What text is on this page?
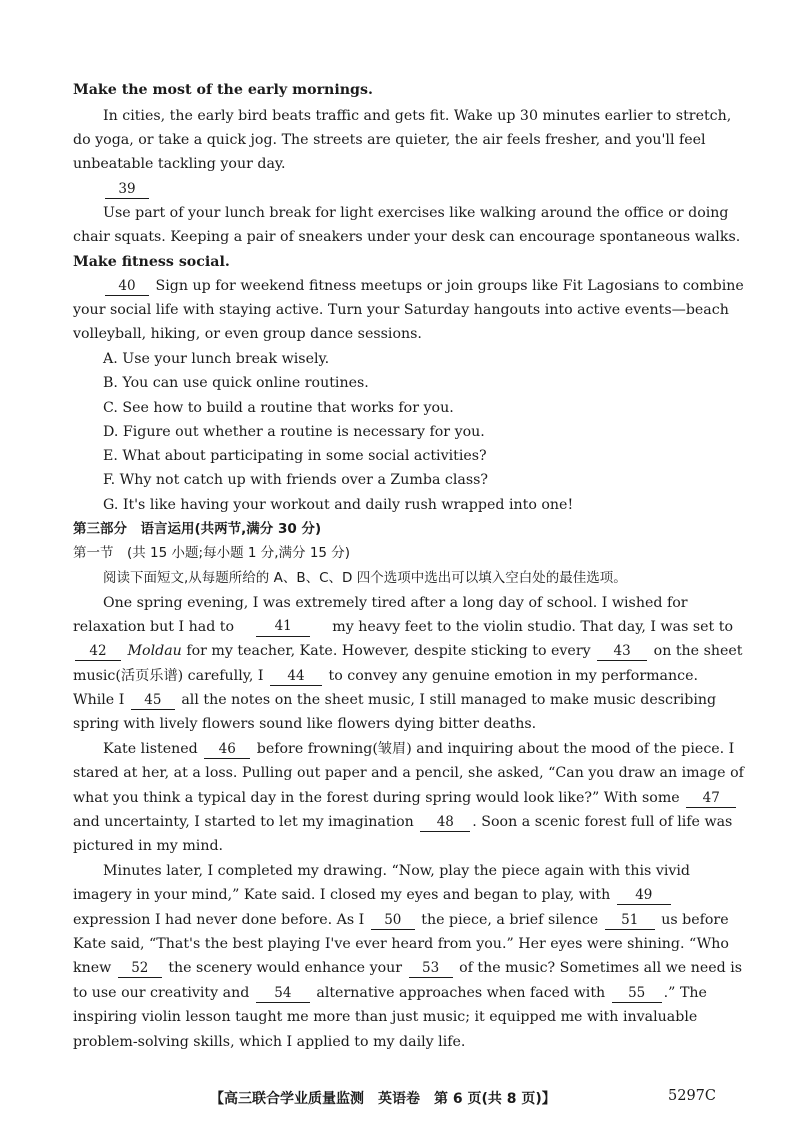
Make the most of the early mornings.
In cities, the early bird beats traffic and gets fit. Wake up 30 minutes earlier to stretch,
do yoga, or take a quick jog. The streets are quieter, the air feels fresher, and you'll feel
unbeatable tackling your day.
39
Use part of your lunch break for light exercises like walking around the office or doing
chair squats. Keeping a pair of sneakers under your desk can encourage spontaneous walks.
Make fitness social.
40 Sign up for weekend fitness meetups or join groups like Fit Lagosians to combine
your social life with staying active. Turn your Saturday hangouts into active events—beach
volleyball, hiking, or even group dance sessions.
A. Use your lunch break wisely.
B. You can use quick online routines.
C. See how to build a routine that works for you.
D. Figure out whether a routine is necessary for you.
E. What about participating in some social activities?
F. Why not catch up with friends over a Zumba class?
G. It's like having your workout and daily rush wrapped into one!
第三部分　语言运用(共两节,满分 30 分)
第一节　(共 15 小题;每小题 1 分,满分 15 分)
阅读下面短文,从每题所给的 A、B、C、D 四个选项中选出可以填入空白处的最佳选项。
One spring evening, I was extremely tired after a long day of school. I wished for
relaxation but I had to	41	my heavy feet to the violin studio. That day, I was set to
42 Moldau for my teacher, Kate. However, despite sticking to every 43 on the sheet
music(活页乐谱) carefully, I 44 to convey any genuine emotion in my performance.
While I 45 all the notes on the sheet music, I still managed to make music describing
spring with lively flowers sound like flowers dying bitter deaths.
Kate listened 46 before frowning(皱眉) and inquiring about the mood of the piece. I
stared at her, at a loss. Pulling out paper and a pencil, she asked, “Can you draw an image of
what you think a typical day in the forest during spring would look like?” With some 47
and uncertainty, I started to let my imagination 48 . Soon a scenic forest full of life was
pictured in my mind.
Minutes later, I completed my drawing. “Now, play the piece again with this vivid
imagery in your mind,” Kate said. I closed my eyes and began to play, with 49
expression I had never done before. As I 50 the piece, a brief silence 51 us before
Kate said, “That's the best playing I've ever heard from you.” Her eyes were shining. “Who
knew 52 the scenery would enhance your 53 of the music? Sometimes all we need is
to use our creativity and 54 alternative approaches when faced with 55 .” The
inspiring violin lesson taught me more than just music; it equipped me with invaluable
problem-solving skills, which I applied to my daily life.
【高三联合学业质量监测　英语卷　第 6 页(共 8 页)】	5297C
